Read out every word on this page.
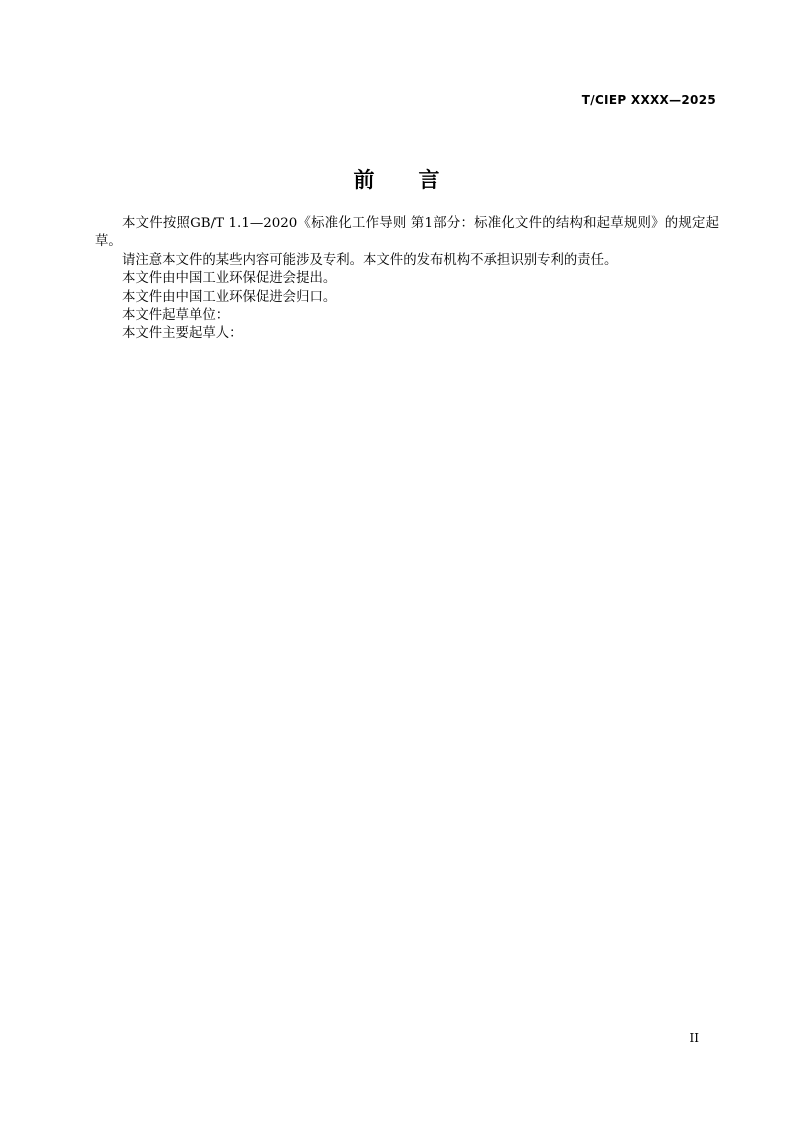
T/CIEP XXXX—2025
前言

本文件按照GB/T 1.1—2020《标准化工作导则 第1部分：标准化文件的结构和起草规则》的规定起草。

请注意本文件的某些内容可能涉及专利。本文件的发布机构不承担识别专利的责任。

本文件由中国工业环保促进会提出。

本文件由中国工业环保促进会归口。

本文件起草单位：

本文件主要起草人：

II
